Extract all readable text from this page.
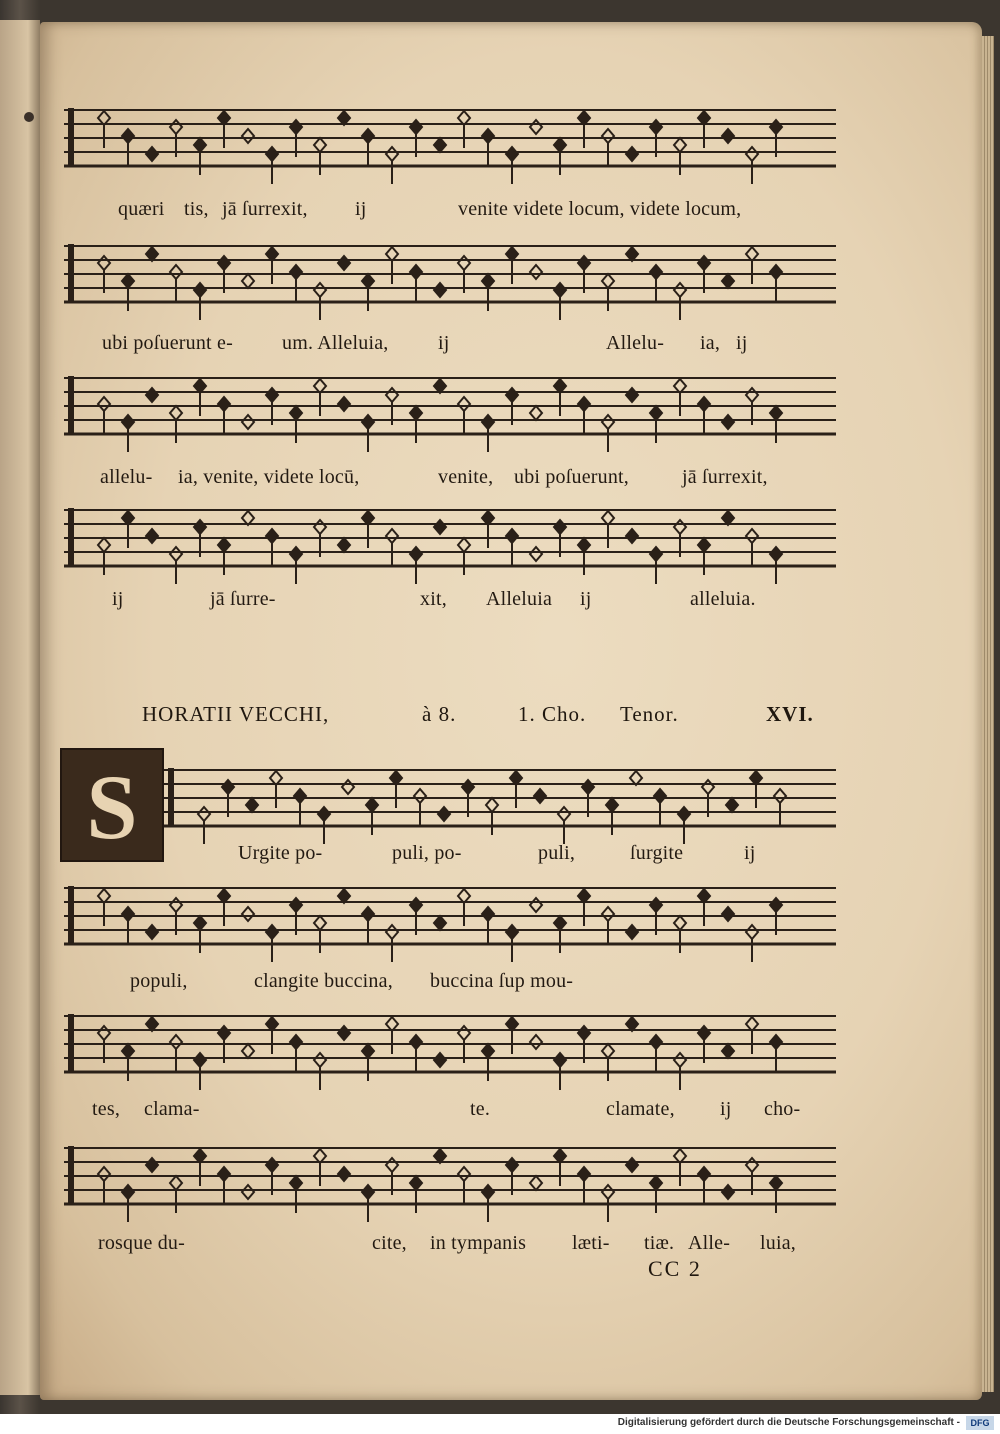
quæri tis, jā ſurrexit, ij	venite videte locum, videte locum,
ubi poſuerunt e- um. Alleluia, ij	Allelu- ia, ij
allelu- ia, venite, videte locū,	venite, ubi poſuerunt,	jā ſurrexit,
ij	jā ſurre-	xit, Alleluia ij	alleluia.
Urgite po-	puli, po-	puli,	ſurgite	ij
populi,	clangite buccina, buccina ſup mou-
tes, clama-	te.	clamate, ij cho-
rosque du-	cite, in tympanis læti- tiæ. Alle- luia,
HORATII VECCHI,	à 8.	1. Cho. Tenor.	XVI.
S
CC 2
Digitalisierung gefördert durch die Deutsche Forschungsgemeinschaft -	DFG
